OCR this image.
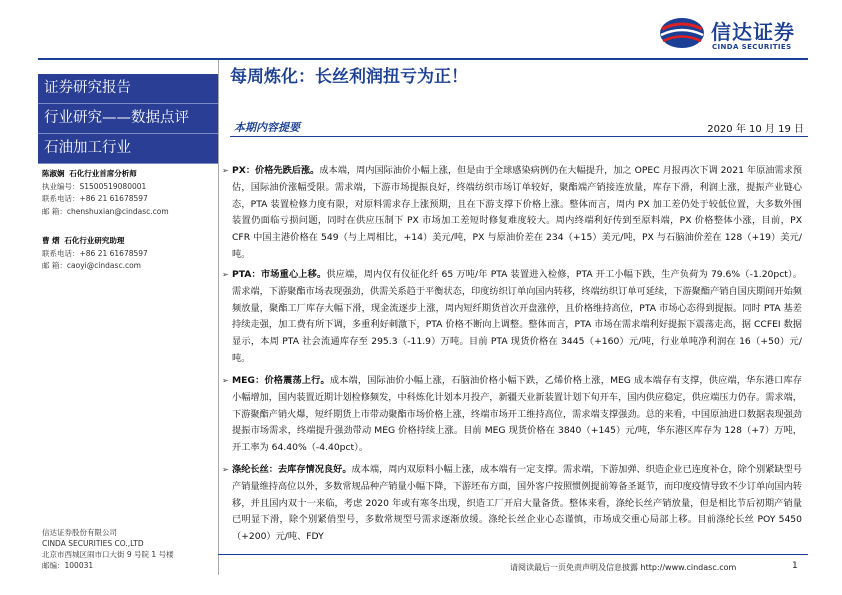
信达证券
CINDA SECURITIES
证券研究报告
行业研究——数据点评
石油加工行业
陈淑娴 石化行业首席分析师
执业编号：S1500519080001
联系电话：+86 21 61678597
邮 箱：chenshuxian@cindasc.com
曹 熠 石化行业研究助理
联系电话：+86 21 61678597
邮 箱：caoyi@cindasc.com
信达证券股份有限公司
CINDA SECURITIES CO.,LTD
北京市西城区闹市口大街 9 号院 1 号楼
邮编：100031
每周炼化：长丝利润扭亏为正！
本期内容提要	2020 年 10 月 19 日
➢ PX：价格先跌后涨。成本端，周内国际油价小幅上涨，但是由于全球感染病例仍在大幅提升，加之 OPEC 月报再次下调 2021 年原油需求预估，国际油价涨幅受限。需求端，下游市场提振良好，终端纺织市场订单较好，聚酯端产销接连放量，库存下滑，利润上涨，提振产业链心态，PTA 装置检修力度有限，对原料需求存上涨预期，且在下游支撑下价格上涨。整体而言，周内 PX 加工差仍处于较低位置，大多数外围装置仍面临亏损问题，同时在供应压制下 PX 市场加工差短时修复难度较大。周内终端利好传到至原料端，PX 价格整体小涨，目前，PX CFR 中国主港价格在 549（与上周相比，+14）美元/吨，PX 与原油价差在 234（+15）美元/吨，PX 与石脑油价差在 128（+19）美元/吨。
➢ PTA：市场重心上移。供应端，周内仅有仪征化纤 65 万吨/年 PTA 装置进入检修，PTA 开工小幅下跌，生产负荷为 79.6%（-1.20pct）。需求端，下游聚酯市场表现强劲，供需关系趋于平衡状态，印度纺织订单向国内转移，终端纺织订单可延续，下游聚酯产销自国庆期间开始频频放量，聚酯工厂库存大幅下滑，现金流逐步上涨，周内短纤期货首次开盘涨停，且价格维持高位，PTA 市场心态得到提振。同时 PTA 基差持续走强，加工费有所下调，多重利好刺激下，PTA 价格不断向上调整。整体而言，PTA 市场在需求端利好提振下震荡走高，据 CCFEI 数据显示，本周 PTA 社会流通库存至 295.3（-11.9）万吨。目前 PTA 现货价格在 3445（+160）元/吨，行业单吨净利润在 16（+50）元/吨。
➢ MEG：价格震荡上行。成本端，国际油价小幅上涨，石脑油价格小幅下跌，乙烯价格上涨，MEG 成本端存有支撑，供应端，华东港口库存小幅增加，国内装置近期计划检修频发，中科炼化计划本月投产，新疆天业新装置计划下旬开车，国内供应稳定，供应端压力仍存。需求端，下游聚酯产销火爆，短纤期货上市带动聚酯市场价格上涨，终端市场开工维持高位，需求端支撑强劲。总的来看，中国原油进口数据表现强劲提振市场需求，终端提升强劲带动 MEG 价格持续上涨。目前 MEG 现货价格在 3840（+145）元/吨，华东港区库存为 128（+7）万吨，开工率为 64.40%（-4.40pct）。
➢ 涤纶长丝：去库存情况良好。成本端，周内双原料小幅上涨，成本端有一定支撑。需求端，下游加弹、织造企业已连度补仓，除个别紧缺型号产销量维持高位以外，多数常规品种产销量小幅下降，下游坯布方面，国外客户按照惯例提前筹备圣诞节，而印度疫情导致不少订单向国内转移，并且国内双十一来临，考虑 2020 年或有寒冬出现，织造工厂开启大量备货。整体来看，涤纶长丝产销放量，但是相比节后初期产销量已明显下滑，除个别紧俏型号，多数常规型号需求逐渐放缓。涤纶长丝企业心态谨慎，市场成交重心局部上移。目前涤纶长丝 POY 5450（+200）元/吨、FDY
请阅读最后一页免责声明及信息披露 http://www.cindasc.com	1
